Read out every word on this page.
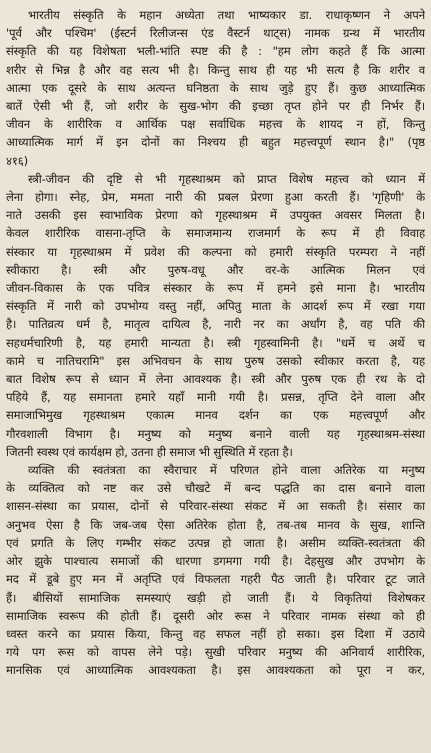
भारतीय संस्कृति के महान अध्येता तथा भाष्यकार डा. राधाकृष्णन ने अपने

'पूर्व और पश्चिम' (ईस्टर्न रिलीजन्स एंड वैस्टर्न थाट्स) नामक ग्रन्थ में भारतीय

संस्कृति की यह विशेषता भली-भांति स्पष्ट की है : "हम लोग कहते हैं कि आत्मा

शरीर से भिन्न है और वह सत्य भी है। किन्तु साथ ही यह भी सत्य है कि शरीर व

आत्मा एक दूसरे के साथ अत्यन्त घनिष्ठता के साथ जुड़े हुए हैं। कुछ आध्यात्मिक

बातें ऐसी भी हैं, जो शरीर के सुख-भोग की इच्छा तृप्त होने पर ही निर्भर हैं।

जीवन के शारीरिक व आर्थिक पक्ष सर्वाधिक महत्त्व के शायद न हों, किन्तु

आध्यात्मिक मार्ग में इन दोनों का निश्चय ही बहुत महत्त्वपूर्ण स्थान है।" (पृष्ठ

४१६)

स्त्री-जीवन की दृष्टि से भी गृहस्थाश्रम को प्राप्त विशेष महत्त्व को ध्यान में

लेना होगा। स्नेह, प्रेम, ममता नारी की प्रबल प्रेरणा हुआ करती हैं। 'गृहिणी' के

नाते उसकी इस स्वाभाविक प्रेरणा को गृहस्थाश्रम में उपयुक्त अवसर मिलता है।

केवल शारीरिक वासना-तृप्ति के समाजमान्य राजमार्ग के रूप में ही विवाह

संस्कार या गृहस्थाश्रम में प्रवेश की कल्पना को हमारी संस्कृति परम्परा ने नहीं

स्वीकारा है। स्त्री और पुरुष-वधू और वर-के आत्मिक मिलन एवं

जीवन-विकास के एक पवित्र संस्कार के रूप में हमने इसे माना है। भारतीय

संस्कृति में नारी को उपभोग्य वस्तु नहीं, अपितु माता के आदर्श रूप में रखा गया

है। पातिव्रत्य धर्म है, मातृत्व दायित्व है, नारी नर का अर्धांग है, वह पति की

सहधर्मचारिणी है, यह हमारी मान्यता है। स्त्री गृहस्वामिनी है। "धर्मे च अर्थे च

कामे च नातिचरामि" इस अभिवचन के साथ पुरुष उसको स्वीकार करता है, यह

बात विशेष रूप से ध्यान में लेना आवश्यक है। स्त्री और पुरुष एक ही रथ के दो

पहिये हैं, यह समानता हमारे यहाँ मानी गयी है। प्रसन्न, तृप्ति देने वाला और

समाजाभिमुख गृहस्थाश्रम एकात्म मानव दर्शन का एक महत्त्वपूर्ण और

गौरवशाली विभाग है। मनुष्य को मनुष्य बनाने वाली यह गृहस्थाश्रम-संस्था

जितनी स्वस्थ एवं कार्यक्षम हो, उतना ही समाज भी सुस्थिति में रहता है।

व्यक्ति की स्वतंत्रता का स्वैराचार में परिणत होने वाला अतिरेक या मनुष्य

के व्यक्तित्व को नष्ट कर उसे चौखटे में बन्द पद्धति का दास बनाने वाला

शासन-संस्था का प्रयास, दोनों से परिवार-संस्था संकट में आ सकती है। संसार का

अनुभव ऐसा है कि जब-जब ऐसा अतिरेक होता है, तब-तब मानव के सुख, शान्ति

एवं प्रगति के लिए गम्भीर संकट उत्पन्न हो जाता है। असीम व्यक्ति-स्वतंत्रता की

ओर झुके पाश्चात्य समाजों की धारणा डगमगा गयी है। देहसुख और उपभोग के

मद में डूबे हुए मन में अतृप्ति एवं विफलता गहरी पैठ जाती है। परिवार टूट जाते

हैं। बीसियों सामाजिक समस्याएं खड़ी हो जाती हैं। ये विकृतियां विशेषकर

सामाजिक स्वरूप की होती हैं। दूसरी ओर रूस ने परिवार नामक संस्था को ही

ध्वस्त करने का प्रयास किया, किन्तु वह सफल नहीं हो सका। इस दिशा में उठाये

गये पग रूस को वापस लेने पड़े। सुखी परिवार मनुष्य की अनिवार्य शारीरिक,

मानसिक एवं आध्यात्मिक आवश्यकता है। इस आवश्यकता को पूरा न कर,
